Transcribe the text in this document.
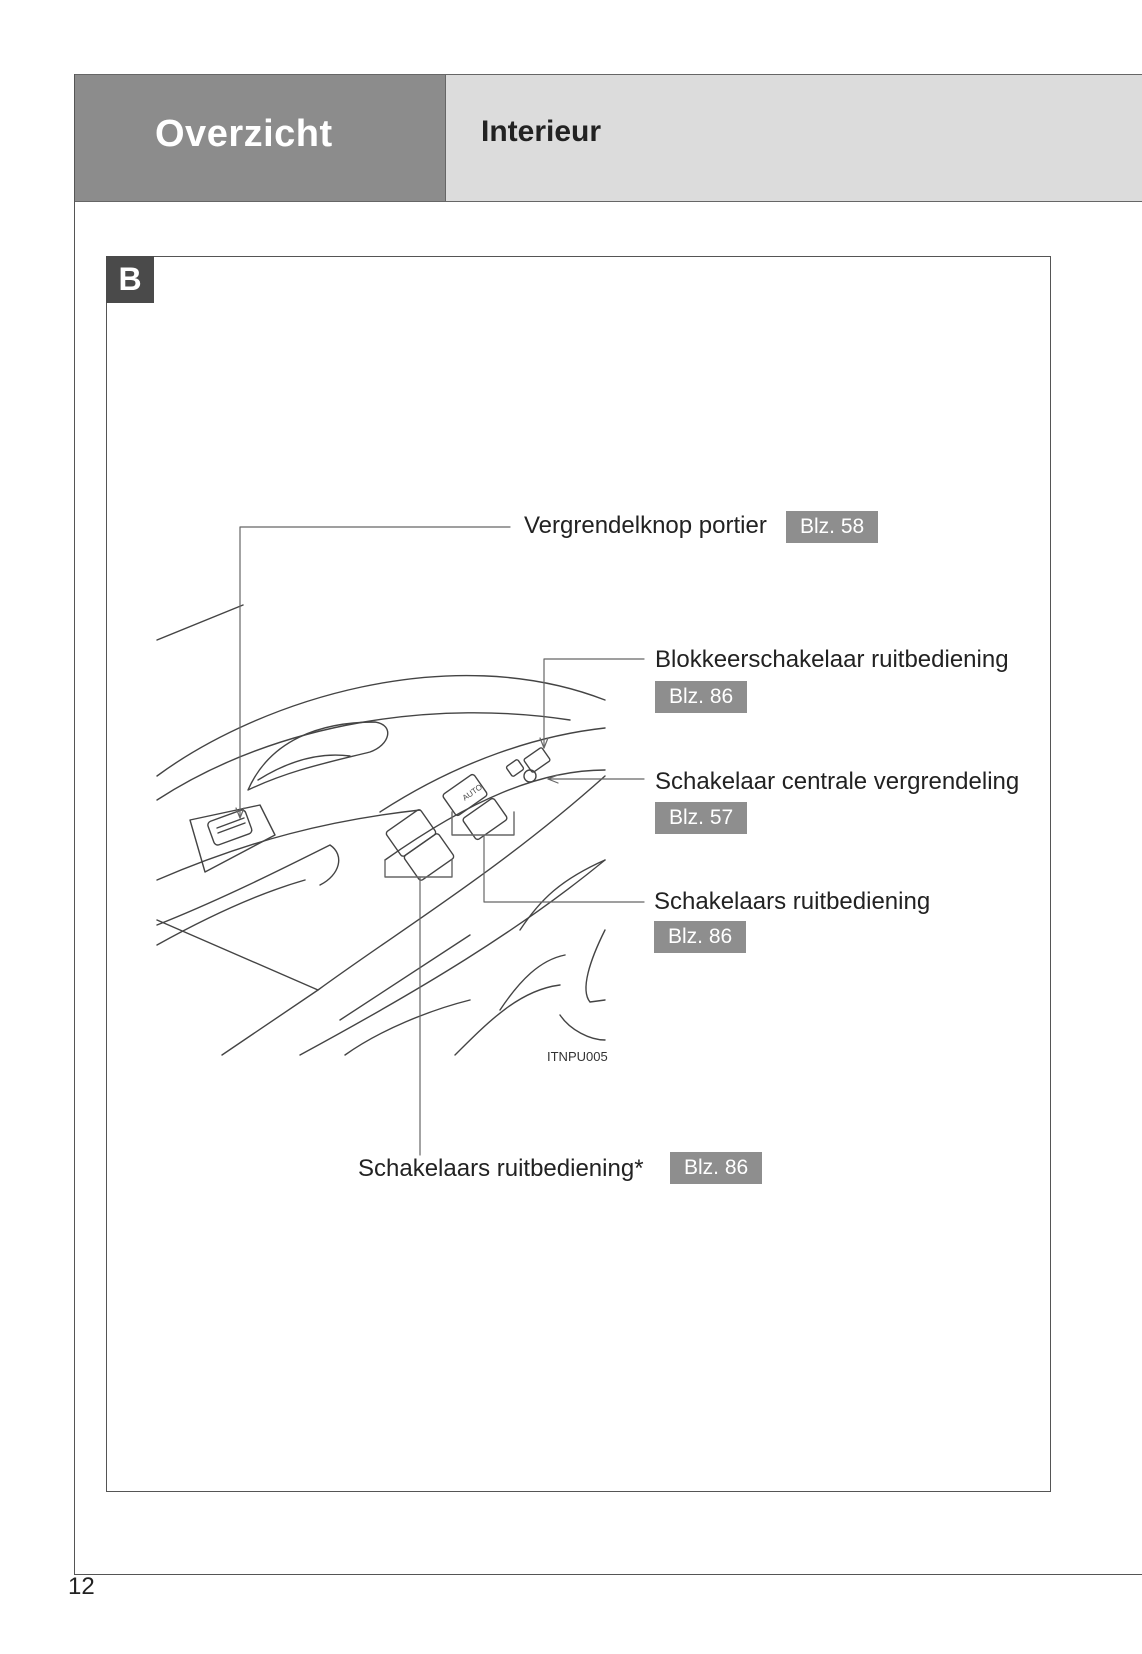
Overzicht	Interieur
B
AUTO
Vergrendelknop portier	Blz. 58
Blokkeerschakelaar ruitbediening
Blz. 86
Schakelaar centrale vergrendeling
Blz. 57
Schakelaars ruitbediening
Blz. 86
Schakelaars ruitbediening*	Blz. 86
ITNPU005
12
